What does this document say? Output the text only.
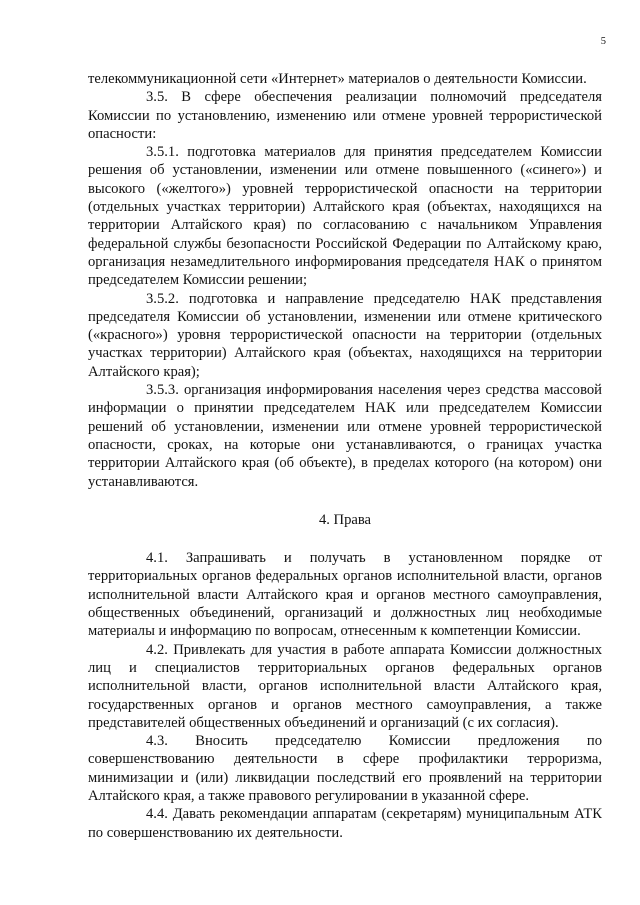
5

телекоммуникационной сети «Интернет» материалов о деятельности Комиссии.

3.5. В сфере обеспечения реализации полномочий председателя Комиссии по установлению, изменению или отмене уровней террористической опасности:

3.5.1. подготовка материалов для принятия председателем Комиссии решения об установлении, изменении или отмене повышенного («синего») и высокого («желтого») уровней террористической опасности на территории (отдельных участках территории) Алтайского края (объектах, находящихся на территории Алтайского края) по согласованию с начальником Управления федеральной службы безопасности Российской Федерации по Алтайскому краю, организация незамедлительного информирования председателя НАК о принятом председателем Комиссии решении;

3.5.2. подготовка и направление председателю НАК представления председателя Комиссии об установлении, изменении или отмене критического («красного») уровня террористической опасности на территории (отдельных участках территории) Алтайского края (объектах, находящихся на территории Алтайского края);

3.5.3. организация информирования населения через средства массовой информации о принятии председателем НАК или председателем Комиссии решений об установлении, изменении или отмене уровней террористической опасности, сроках, на которые они устанавливаются, о границах участка территории Алтайского края (об объекте), в пределах которого (на котором) они устанавливаются.

4. Права

4.1. Запрашивать и получать в установленном порядке от территориальных органов федеральных органов исполнительной власти, органов исполнительной власти Алтайского края и органов местного самоуправления, общественных объединений, организаций и должностных лиц необходимые материалы и информацию по вопросам, отнесенным к компетенции Комиссии.

4.2. Привлекать для участия в работе аппарата Комиссии должностных лиц и специалистов территориальных органов федеральных органов исполнительной власти, органов исполнительной власти Алтайского края, государственных органов и органов местного самоуправления, а также представителей общественных объединений и организаций (с их согласия).

4.3. Вносить председателю Комиссии предложения по совершенствованию деятельности в сфере профилактики терроризма, минимизации и (или) ликвидации последствий его проявлений на территории Алтайского края, а также правового регулировании в указанной сфере.

4.4. Давать рекомендации аппаратам (секретарям) муниципальным АТК по совершенствованию их деятельности.
